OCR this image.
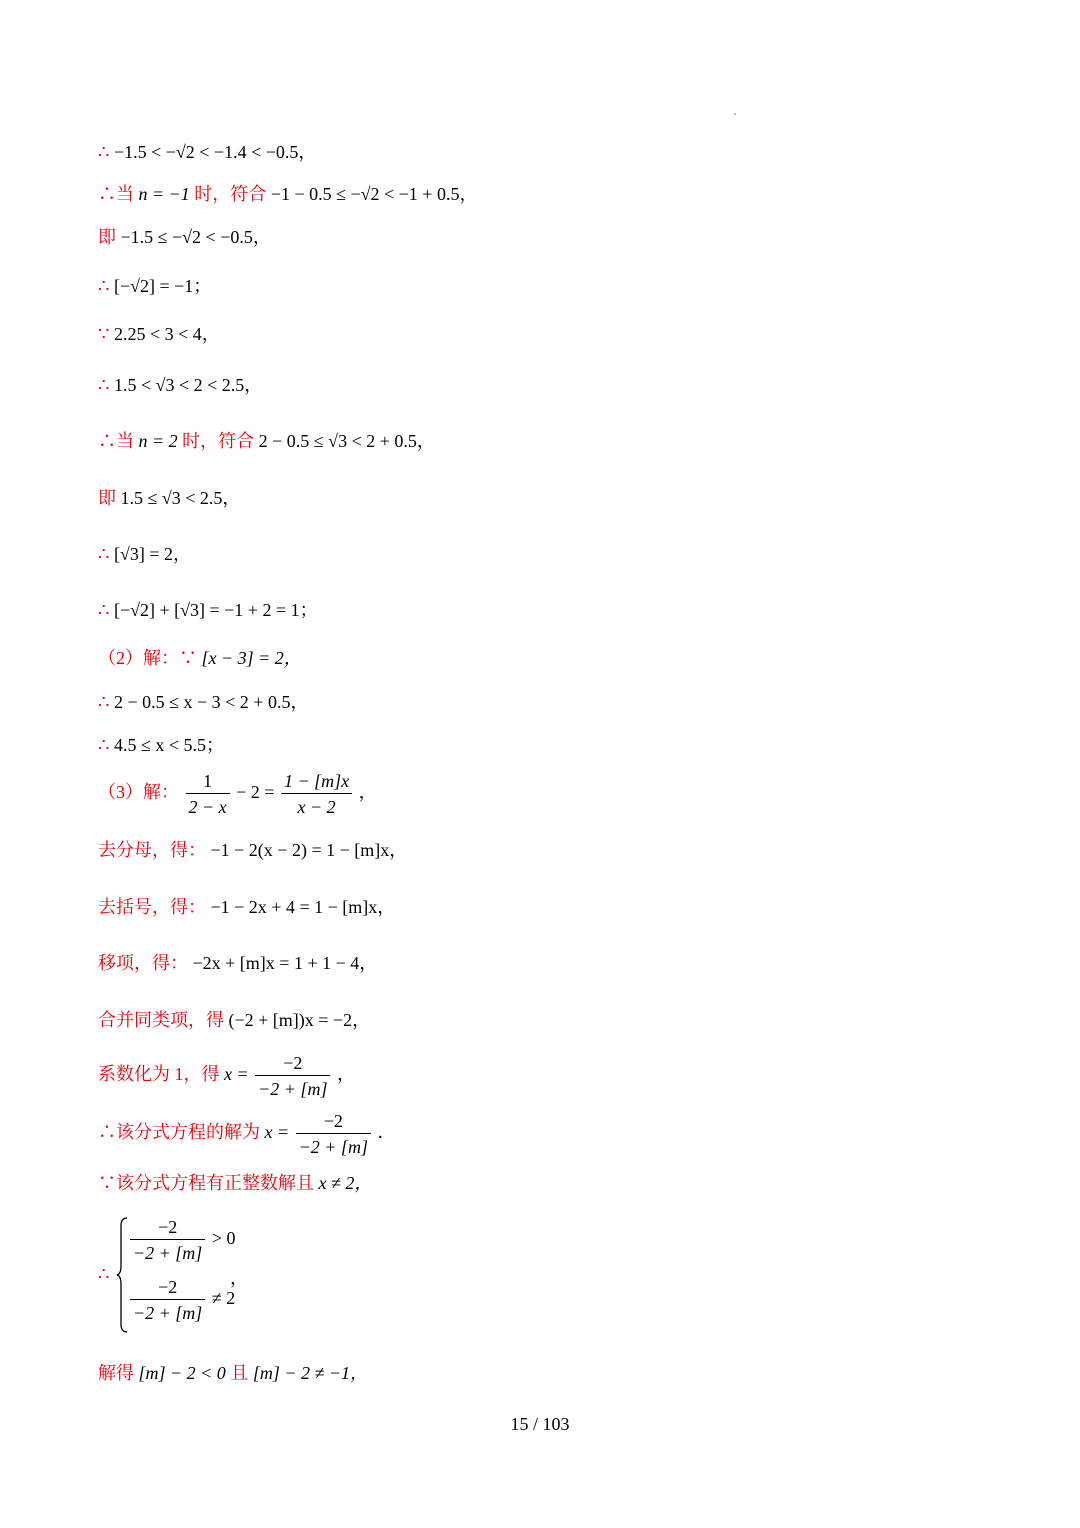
∴ −1.5 < −√2 < −1.4 < −0.5，
∴当 n = −1 时，符合 −1 − 0.5 ≤ −√2 < −1 + 0.5，
即 −1.5 ≤ −√2 < −0.5，
∴ [−√2] = −1；
∵ 2.25 < 3 < 4，
∴ 1.5 < √3 < 2 < 2.5，
∴当 n = 2 时，符合 2 − 0.5 ≤ √3 < 2 + 0.5，
即 1.5 ≤ √3 < 2.5，
∴ [√3] = 2，
∴ [−√2] + [√3] = −1 + 2 = 1；
（2）解：∵ [x − 3] = 2，
∴ 2 − 0.5 ≤ x − 3 < 2 + 0.5，
∴ 4.5 ≤ x < 5.5；
（3）解： $\frac{1}{2 - x} - 2 = \frac{1 - [m]x}{x - 2}$ ，
去分母，得： −1 − 2(x − 2) = 1 − [m]x，
去括号，得： −1 − 2x + 4 = 1 − [m]x，
移项，得： −2x + [m]x = 1 + 1 − 4，
合并同类项，得 (−2 + [m])x = −2，
系数化为 1，得 $x = \frac{-2}{-2 + [m]}$ ，
∴该分式方程的解为 $x = \frac{-2}{-2 + [m]}$ ．
∵该分式方程有正整数解且 x ≠ 2，
∴
$\frac{-2}{-2 + [m]} > 0$
$\frac{-2}{-2 + [m]} \ne 2$
，
解得 [m] − 2 < 0 且 [m] − 2 ≠ −1，
15 / 103
